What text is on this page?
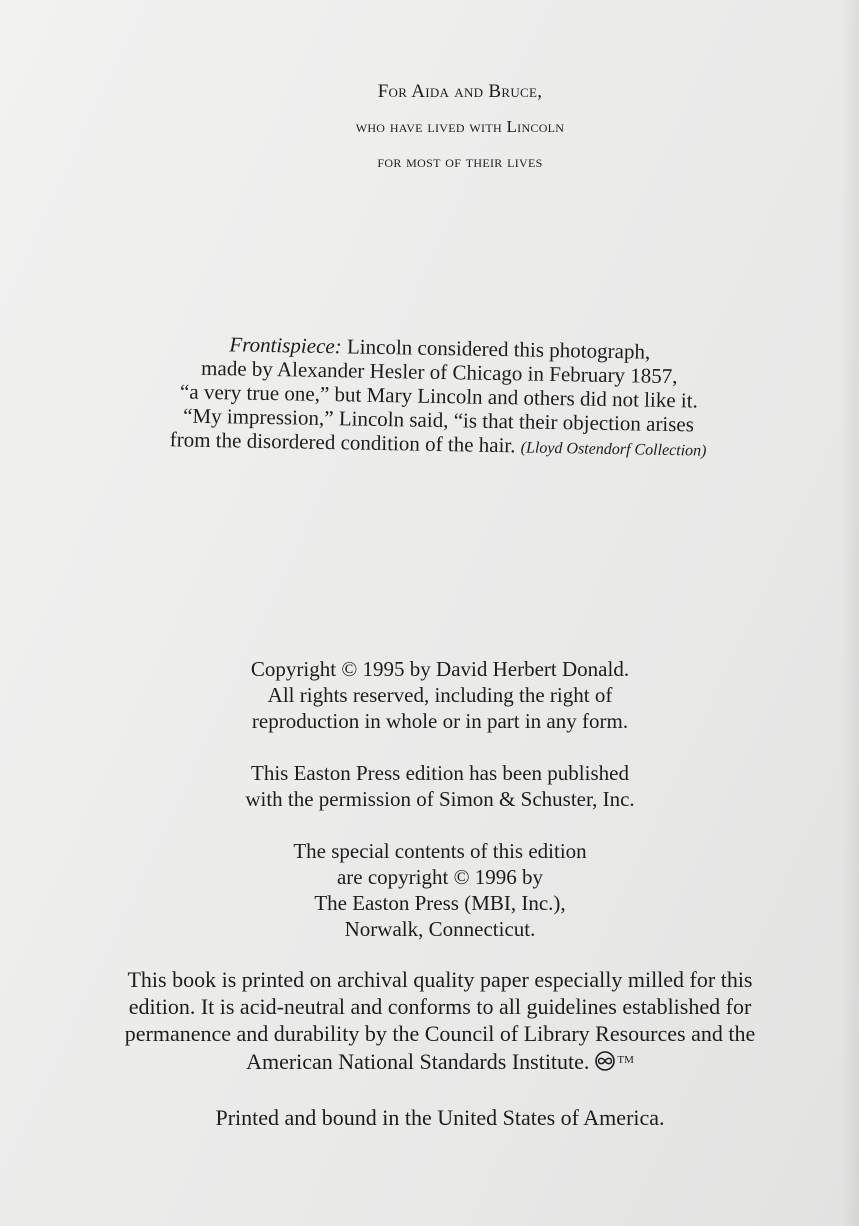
For Aida and Bruce,
who have lived with Lincoln
for most of their lives
Frontispiece: Lincoln considered this photograph,
made by Alexander Hesler of Chicago in February 1857,
“a very true one,” but Mary Lincoln and others did not like it.
“My impression,” Lincoln said, “is that their objection arises
from the disordered condition of the hair. (Lloyd Ostendorf Collection)
Copyright © 1995 by David Herbert Donald.
All rights reserved, including the right of
reproduction in whole or in part in any form.
This Easton Press edition has been published
with the permission of Simon & Schuster, Inc.
The special contents of this edition
are copyright © 1996 by
The Easton Press (MBI, Inc.),
Norwalk, Connecticut.
This book is printed on archival quality paper especially milled for this
edition. It is acid-neutral and conforms to all guidelines established for
permanence and durability by the Council of Library Resources and the
American National Standards Institute.	™
Printed and bound in the United States of America.
